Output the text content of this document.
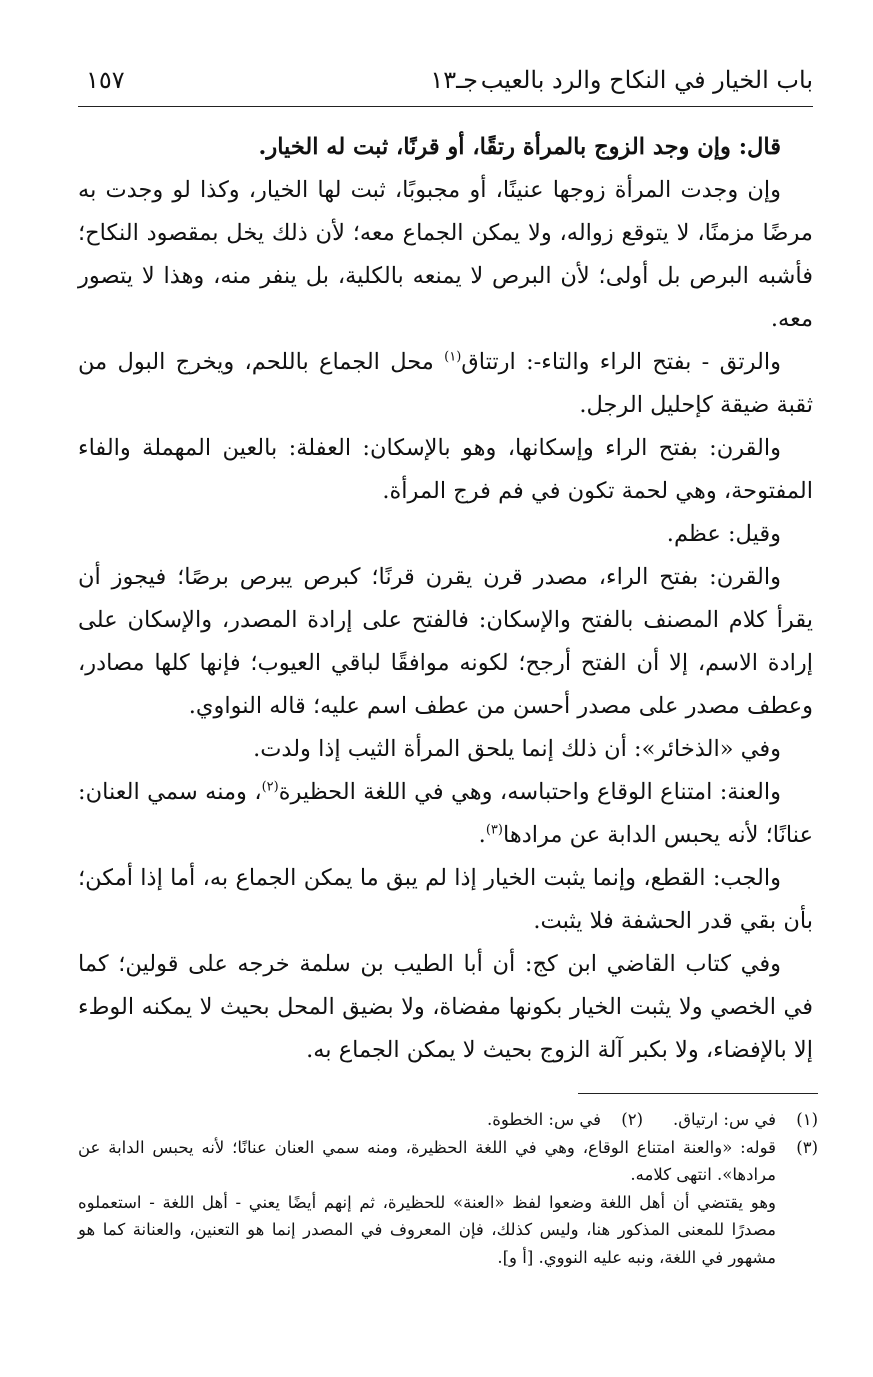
باب الخيار في النكاح والرد بالعيب
جـ١٣
١٥٧

قال: وإن وجد الزوج بالمرأة رتقًا، أو قرنًا، ثبت له الخيار.

وإن وجدت المرأة زوجها عنينًا، أو مجبوبًا، ثبت لها الخيار، وكذا لو وجدت به مرضًا مزمنًا، لا يتوقع زواله، ولا يمكن الجماع معه؛ لأن ذلك يخل بمقصود النكاح؛ فأشبه البرص بل أولى؛ لأن البرص لا يمنعه بالكلية، بل ينفر منه، وهذا لا يتصور معه.

والرتق - بفتح الراء والتاء-: ارتتاق$^{(١)}$ محل الجماع باللحم، ويخرج البول من ثقبة ضيقة كإحليل الرجل.

والقرن: بفتح الراء وإسكانها، وهو بالإسكان: العفلة: بالعين المهملة والفاء المفتوحة، وهي لحمة تكون في فم فرج المرأة.

وقيل: عظم.

والقرن: بفتح الراء، مصدر قرن يقرن قرنًا؛ كبرص يبرص برصًا؛ فيجوز أن يقرأ كلام المصنف بالفتح والإسكان: فالفتح على إرادة المصدر، والإسكان على إرادة الاسم، إلا أن الفتح أرجح؛ لكونه موافقًا لباقي العيوب؛ فإنها كلها مصادر، وعطف مصدر على مصدر أحسن من عطف اسم عليه؛ قاله النواوي.

وفي «الذخائر»: أن ذلك إنما يلحق المرأة الثيب إذا ولدت.

والعنة: امتناع الوقاع واحتباسه، وهي في اللغة الحظيرة$^{(٢)}$، ومنه سمي العنان: عنانًا؛ لأنه يحبس الدابة عن مرادها$^{(٣)}$.

والجب: القطع، وإنما يثبت الخيار إذا لم يبق ما يمكن الجماع به، أما إذا أمكن؛ بأن بقي قدر الحشفة فلا يثبت.

وفي كتاب القاضي ابن كج: أن أبا الطيب بن سلمة خرجه على قولين؛ كما في الخصي ولا يثبت الخيار بكونها مفضاة، ولا بضيق المحل بحيث لا يمكنه الوطء إلا بالإفضاء، ولا بكبر آلة الزوج بحيث لا يمكن الجماع به.

(١)
في س: ارتياق.
(٢)
في س: الخطوة.
(٣)
قوله: «والعنة امتناع الوقاع، وهي في اللغة الحظيرة، ومنه سمي العنان عنانًا؛ لأنه يحبس الدابة عن مرادها». انتهى كلامه.

وهو يقتضي أن أهل اللغة وضعوا لفظ «العنة» للحظيرة، ثم إنهم أيضًا يعني - أهل اللغة - استعملوه مصدرًا للمعنى المذكور هنا، وليس كذلك، فإن المعروف في المصدر إنما هو التعنين، والعنانة كما هو مشهور في اللغة، ونبه عليه النووي. [أ و].
